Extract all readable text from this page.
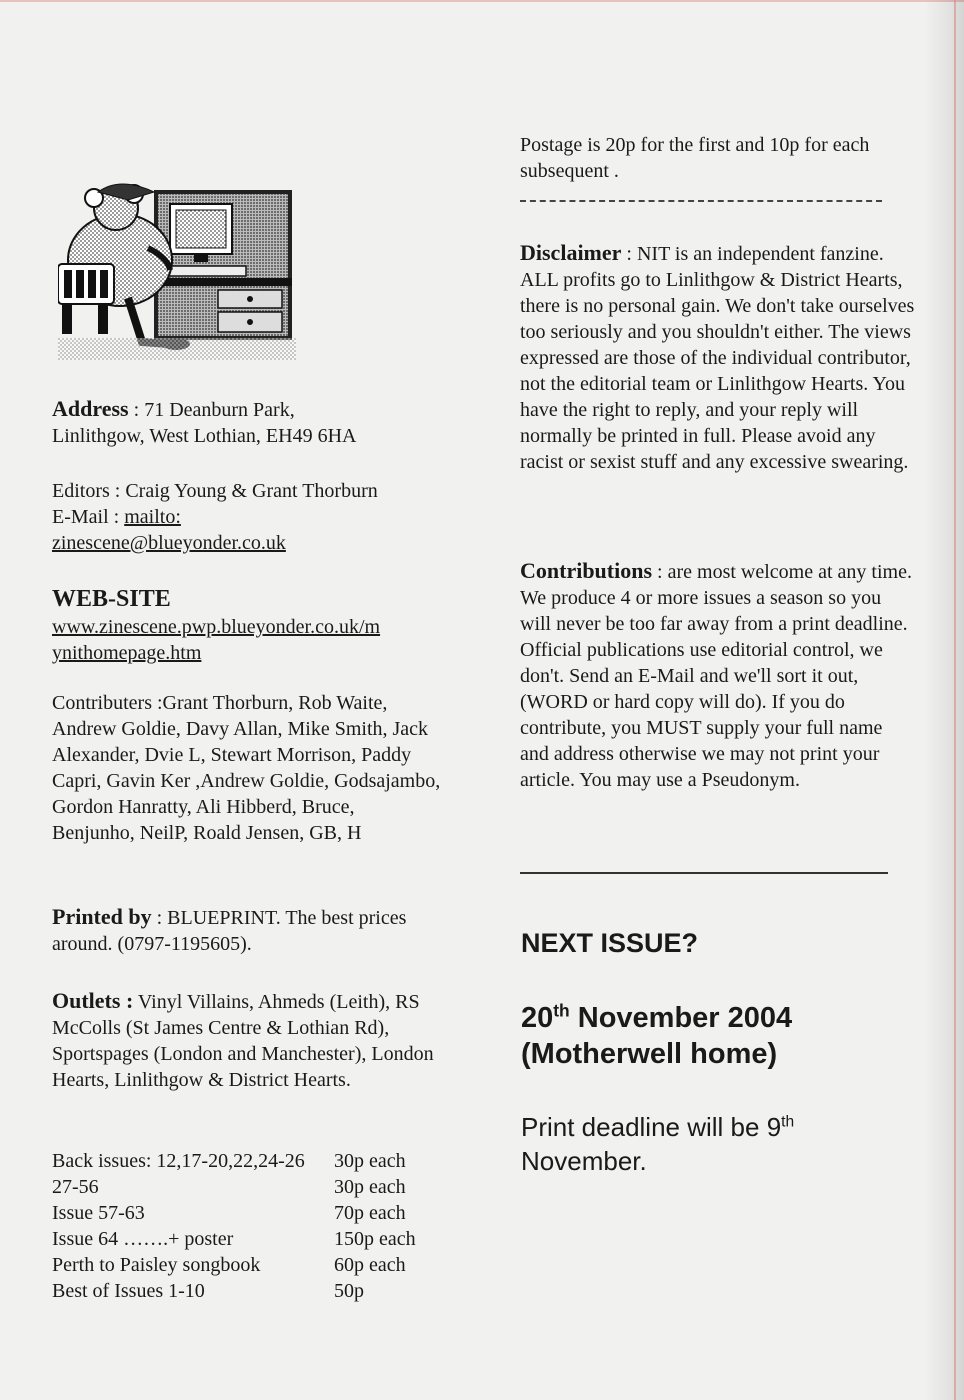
Address : 71 Deanburn Park,

Linlithgow, West Lothian, EH49 6HA

Editors : Craig Young & Grant Thorburn

E-Mail : mailto:

zinescene@blueyonder.co.uk

WEB-SITE

www.zinescene.pwp.blueyonder.co.uk/m

ynithomepage.htm

Contributers :Grant Thorburn, Rob Waite, Andrew Goldie, Davy Allan, Mike Smith, Jack Alexander, Dvie L, Stewart Morrison, Paddy Capri, Gavin Ker ,Andrew Goldie, Godsajambo, Gordon Hanratty, Ali Hibberd, Bruce, Benjunho, NeilP, Roald Jensen, GB, H

Printed by : BLUEPRINT. The best prices around. (0797-1195605).

Outlets : Vinyl Villains, Ahmeds (Leith), RS McColls (St James Centre & Lothian Rd), Sportspages (London and Manchester), London Hearts, Linlithgow & District Hearts.

Back issues: 12,17-20,22,24-26	30p each
27-56	30p each
Issue 57-63	70p each
Issue 64 …….+ poster	150p each
Perth to Paisley songbook	60p each
Best of Issues 1-10	50p

Postage is 20p for the first and 10p for each subsequent .

Disclaimer : NIT is an independent fanzine. ALL profits go to Linlithgow & District Hearts, there is no personal gain. We don't take ourselves too seriously and you shouldn't either. The views expressed are those of the individual contributor, not the editorial team or Linlithgow Hearts. You have the right to reply, and your reply will normally be printed in full. Please avoid any racist or sexist stuff and any excessive swearing.

Contributions : are most welcome at any time. We produce 4 or more issues a season so you will never be too far away from a print deadline. Official publications use editorial control, we don't. Send an E-Mail and we'll sort it out, (WORD or hard copy will do). If you do contribute, you MUST supply your full name and address otherwise we may not print your article. You may use a Pseudonym.

NEXT ISSUE?

20th November 2004

(Motherwell home)

Print deadline will be 9th

November.
